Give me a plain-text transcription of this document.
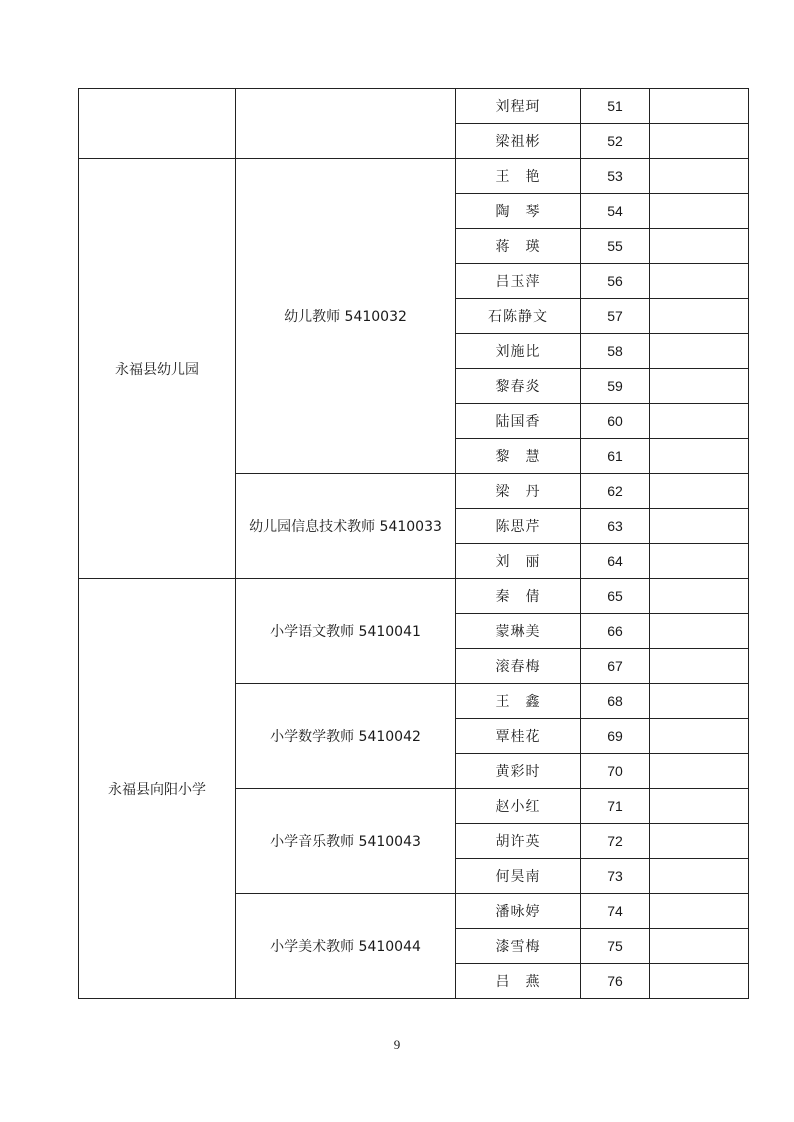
		刘程珂	51	
		梁祖彬	52	
永福县幼儿园	幼儿教师 5410032	王　艳	53	
		陶　琴	54	
		蒋　瑛	55	
		吕玉萍	56	
		石陈静文	57	
		刘施比	58	
		黎春炎	59	
		陆国香	60	
		黎　慧	61	
	幼儿园信息技术教师 5410033	梁　丹	62	
		陈思芹	63	
		刘　丽	64	
永福县向阳小学	小学语文教师 5410041	秦　倩	65	
		蒙琳美	66	
		滚春梅	67	
	小学数学教师 5410042	王　鑫	68	
		覃桂花	69	
		黄彩时	70	
	小学音乐教师 5410043	赵小红	71	
		胡许英	72	
		何昊南	73	
	小学美术教师 5410044	潘咏婷	74	
		漆雪梅	75	
		吕　燕	76	
9
